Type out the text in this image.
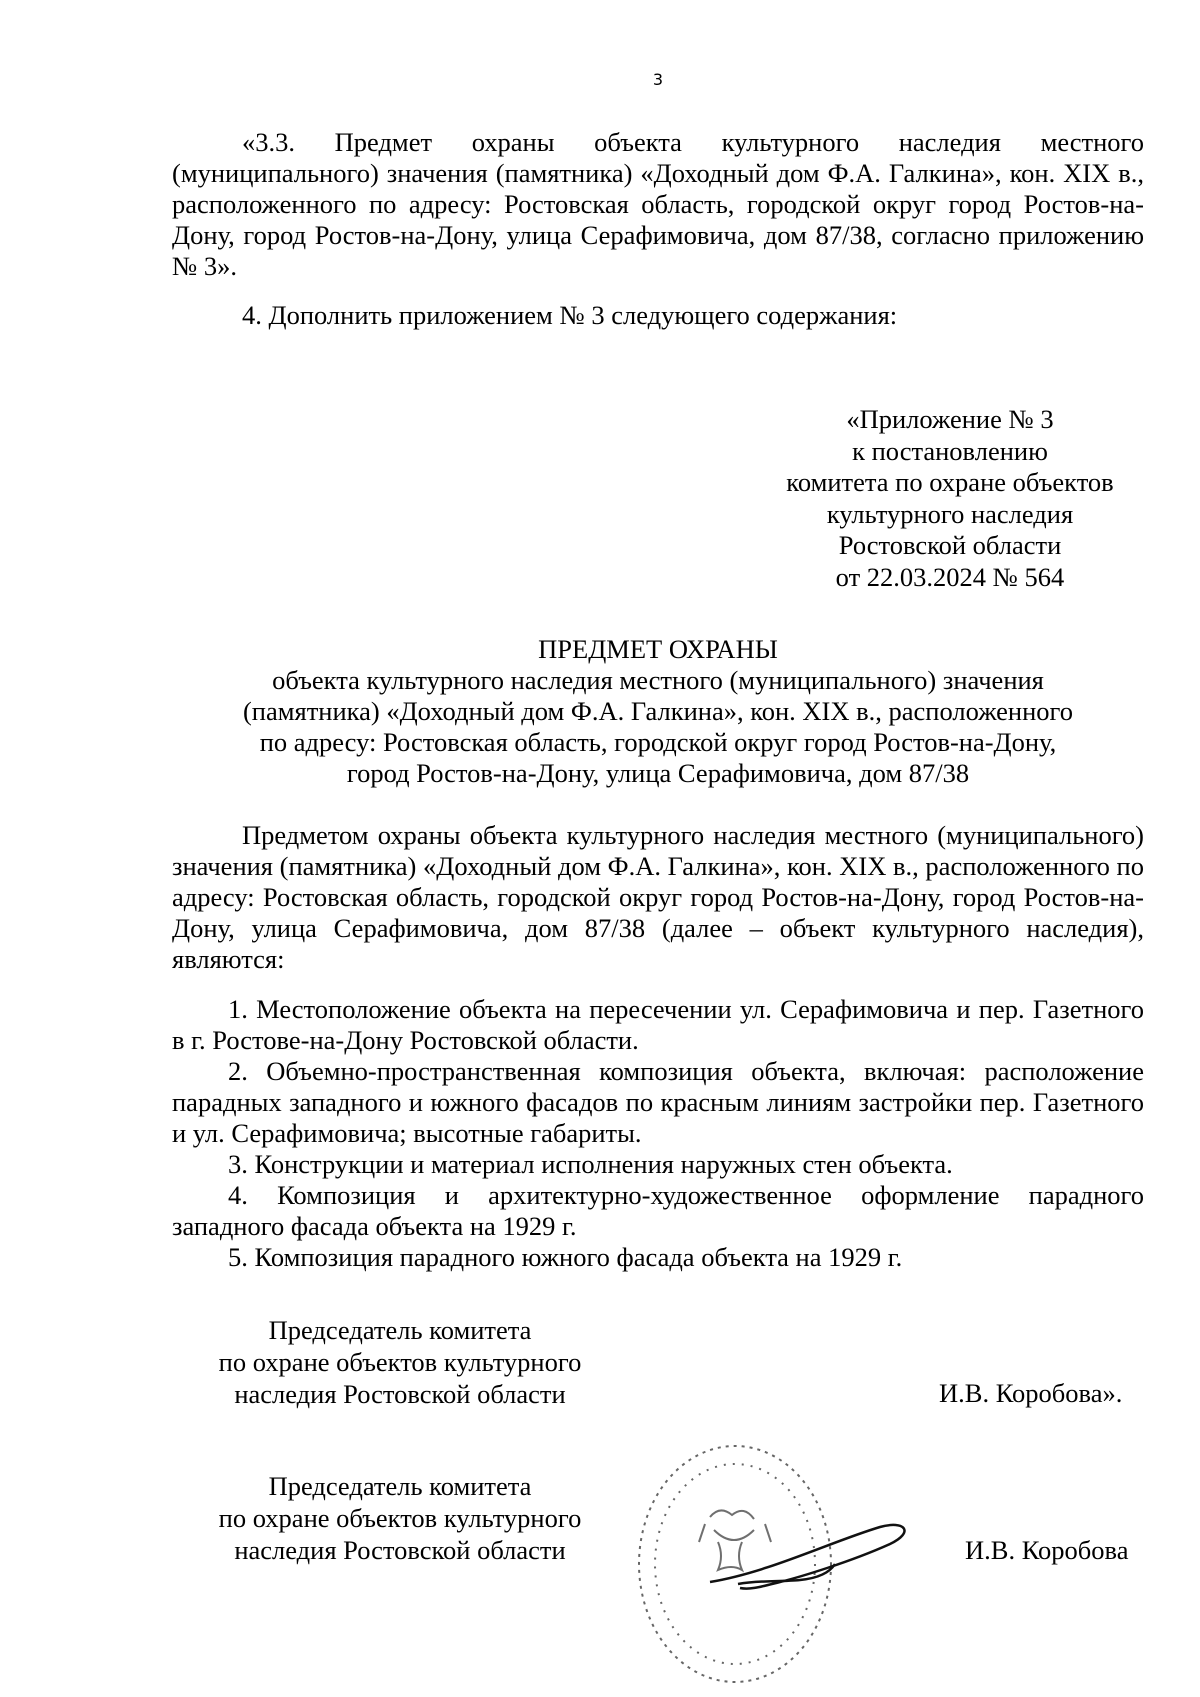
3
«3.3. Предмет охраны объекта культурного наследия местного (муниципального) значения (памятника) «Доходный дом Ф.А. Галкина», кон. XIX в., расположенного по адресу: Ростовская область, городской округ город Ростов-на-Дону, город Ростов-на-Дону, улица Серафимовича, дом 87/38, согласно приложению № 3».
4. Дополнить приложением № 3 следующего содержания:
«Приложение № 3
к постановлению
комитета по охране объектов
культурного наследия
Ростовской области
от 22.03.2024 № 564
ПРЕДМЕТ ОХРАНЫ
объекта культурного наследия местного (муниципального) значения
(памятника) «Доходный дом Ф.А. Галкина», кон. XIX в., расположенного
по адресу: Ростовская область, городской округ город Ростов-на-Дону,
город Ростов-на-Дону, улица Серафимовича, дом 87/38
Предметом охраны объекта культурного наследия местного (муниципального) значения (памятника) «Доходный дом Ф.А. Галкина», кон. XIX в., расположенного по адресу: Ростовская область, городской округ город Ростов-на-Дону, город Ростов-на-Дону, улица Серафимовича, дом 87/38 (далее – объект культурного наследия), являются:
1. Местоположение объекта на пересечении ул. Серафимовича и пер. Газетного в г. Ростове-на-Дону Ростовской области.
2. Объемно-пространственная композиция объекта, включая: расположение парадных западного и южного фасадов по красным линиям застройки пер. Газетного и ул. Серафимовича; высотные габариты.
3. Конструкции и материал исполнения наружных стен объекта.
4. Композиция и архитектурно-художественное оформление парадного западного фасада объекта на 1929 г.
5. Композиция парадного южного фасада объекта на 1929 г.
Председатель комитета
по охране объектов культурного
наследия Ростовской области	И.В. Коробова».
Председатель комитета
по охране объектов культурного
наследия Ростовской области	И.В. Коробова
